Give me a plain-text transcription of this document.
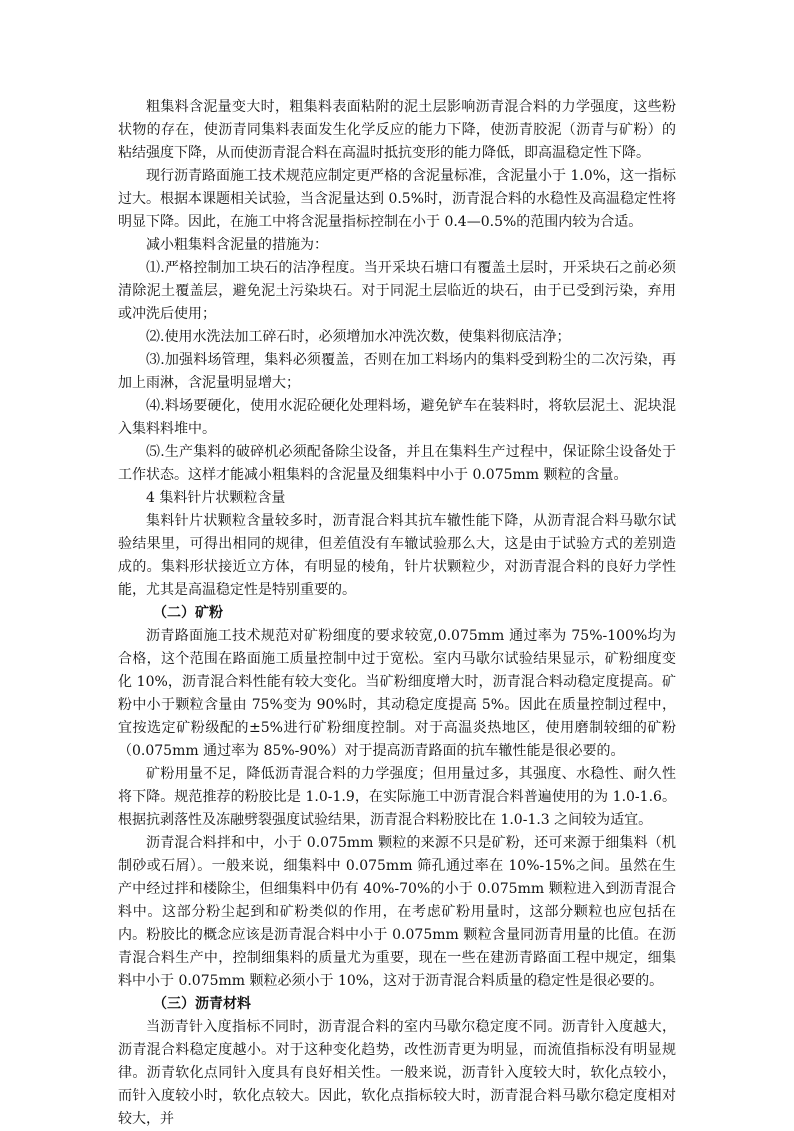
粗集料含泥量变大时，粗集料表面粘附的泥土层影响沥青混合料的力学强度，这些粉状物的存在，使沥青同集料表面发生化学反应的能力下降，使沥青胶泥（沥青与矿粉）的粘结强度下降，从而使沥青混合料在高温时抵抗变形的能力降低，即高温稳定性下降。

现行沥青路面施工技术规范应制定更严格的含泥量标准，含泥量小于 1.0%，这一指标过大。根据本课题相关试验，当含泥量达到 0.5%时，沥青混合料的水稳性及高温稳定性将明显下降。因此，在施工中将含泥量指标控制在小于 0.4—0.5%的范围内较为合适。

减小粗集料含泥量的措施为：

⑴.严格控制加工块石的洁净程度。当开采块石塘口有覆盖土层时，开采块石之前必须清除泥土覆盖层，避免泥土污染块石。对于同泥土层临近的块石，由于已受到污染，弃用或冲洗后使用；

⑵.使用水洗法加工碎石时，必须增加水冲洗次数，使集料彻底洁净；

⑶.加强料场管理，集料必须覆盖，否则在加工料场内的集料受到粉尘的二次污染，再加上雨淋，含泥量明显增大；

⑷.料场要硬化，使用水泥砼硬化处理料场，避免铲车在装料时，将软层泥土、泥块混入集料料堆中。

⑸.生产集料的破碎机必须配备除尘设备，并且在集料生产过程中，保证除尘设备处于工作状态。这样才能减小粗集料的含泥量及细集料中小于 0.075mm 颗粒的含量。

4 集料针片状颗粒含量

集料针片状颗粒含量较多时，沥青混合料其抗车辙性能下降，从沥青混合料马歇尔试验结果里，可得出相同的规律，但差值没有车辙试验那么大，这是由于试验方式的差别造成的。集料形状接近立方体，有明显的棱角，针片状颗粒少，对沥青混合料的良好力学性能，尤其是高温稳定性是特别重要的。

（二）矿粉

沥青路面施工技术规范对矿粉细度的要求较宽,0.075mm 通过率为 75%-100%均为合格，这个范围在路面施工质量控制中过于宽松。室内马歇尔试验结果显示，矿粉细度变化 10%，沥青混合料性能有较大变化。当矿粉细度增大时，沥青混合料动稳定度提高。矿粉中小于颗粒含量由 75%变为 90%时，其动稳定度提高 5%。因此在质量控制过程中，宜按选定矿粉级配的±5%进行矿粉细度控制。对于高温炎热地区，使用磨制较细的矿粉（0.075mm 通过率为 85%-90%）对于提高沥青路面的抗车辙性能是很必要的。

矿粉用量不足，降低沥青混合料的力学强度；但用量过多，其强度、水稳性、耐久性将下降。规范推荐的粉胶比是 1.0-1.9，在实际施工中沥青混合料普遍使用的为 1.0-1.6。根据抗剥落性及冻融劈裂强度试验结果，沥青混合料粉胶比在 1.0-1.3 之间较为适宜。

沥青混合料拌和中，小于 0.075mm 颗粒的来源不只是矿粉，还可来源于细集料（机制砂或石屑）。一般来说，细集料中 0.075mm 筛孔通过率在 10%-15%之间。虽然在生产中经过拌和楼除尘，但细集料中仍有 40%-70%的小于 0.075mm 颗粒进入到沥青混合料中。这部分粉尘起到和矿粉类似的作用，在考虑矿粉用量时，这部分颗粒也应包括在内。粉胶比的概念应该是沥青混合料中小于 0.075mm 颗粒含量同沥青用量的比值。在沥青混合料生产中，控制细集料的质量尤为重要，现在一些在建沥青路面工程中规定，细集料中小于 0.075mm 颗粒必须小于 10%，这对于沥青混合料质量的稳定性是很必要的。

（三）沥青材料

当沥青针入度指标不同时，沥青混合料的室内马歇尔稳定度不同。沥青针入度越大，沥青混合料稳定度越小。对于这种变化趋势，改性沥青更为明显，而流值指标没有明显规律。沥青软化点同针入度具有良好相关性。一般来说，沥青针入度较大时，软化点较小，而针入度较小时，软化点较大。因此，软化点指标较大时，沥青混合料马歇尔稳定度相对较大，并
